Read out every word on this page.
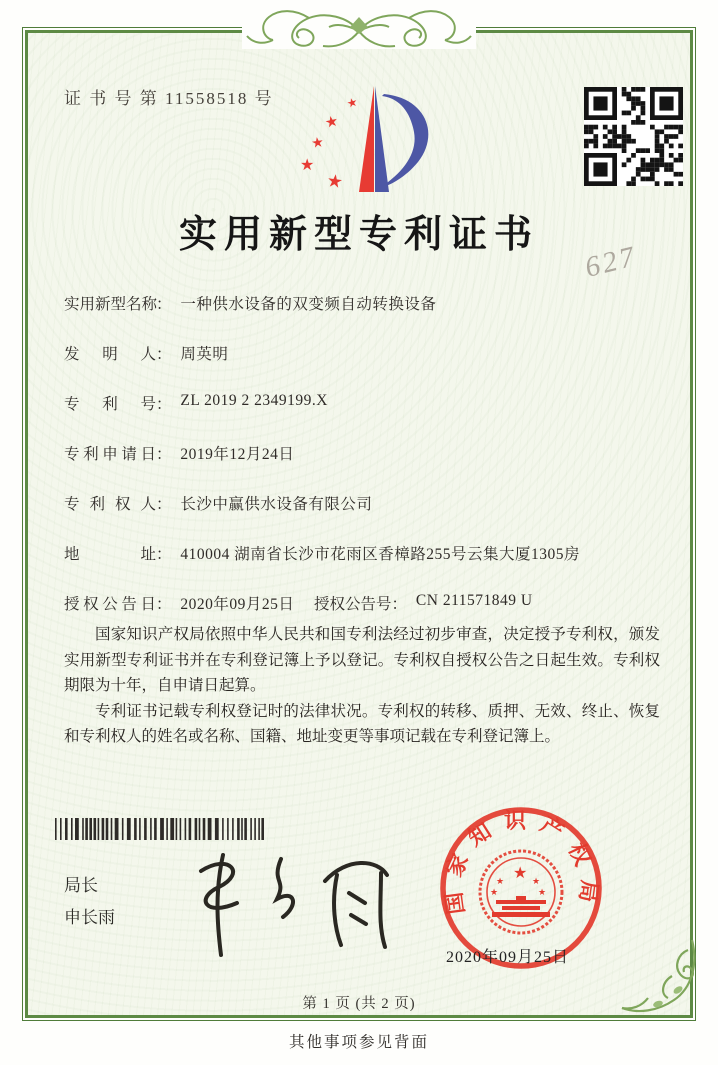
证 书 号 第 11558518 号	★
★
★
★
★
实用新型专利证书
627
实用新型名称： 一种供水设备的双变频自动转换设备
发明人： 周英明
专利号： ZL 2019 2 2349199.X
专利申请日： 2019年12月24日
专利权人： 长沙中赢供水设备有限公司
地址： 410004 湖南省长沙市花雨区香樟路255号云集大厦1305房
授权公告日： 2020年09月25日 授权公告号： CN 211571849 U

国家知识产权局依照中华人民共和国专利法经过初步审查，决定授予专利权，颁发实用新型专利证书并在专利登记簿上予以登记。专利权自授权公告之日起生效。专利权期限为十年，自申请日起算。

专利证书记载专利权登记时的法律状况。专利权的转移、质押、无效、终止、恢复和专利权人的姓名或名称、国籍、地址变更等事项记载在专利登记簿上。

局长
申长雨
国家知识产权局
★
★	★
★	★
2020年09月25日
第 1 页 (共 2 页)
其他事项参见背面
